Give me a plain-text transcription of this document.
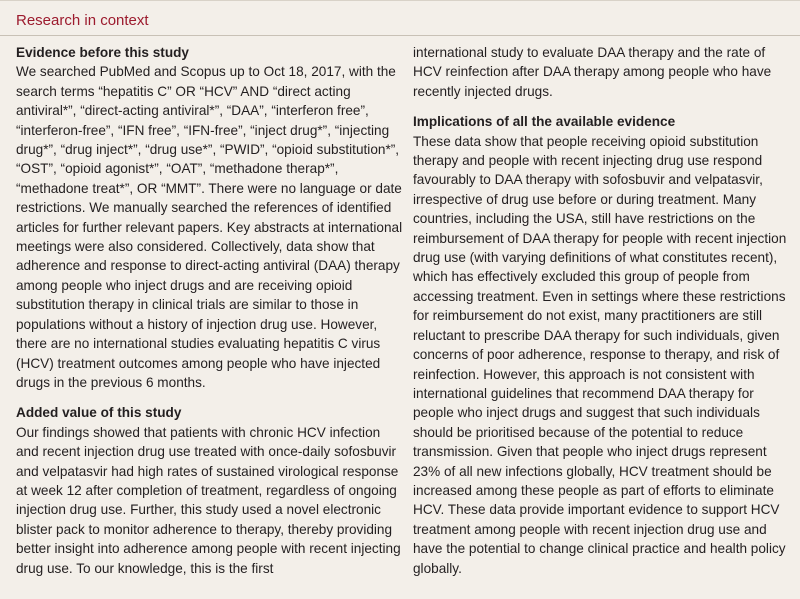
Research in context
Evidence before this study

We searched PubMed and Scopus up to Oct 18, 2017, with the search terms “hepatitis C” OR “HCV” AND “direct acting antiviral*”, “direct-acting antiviral*”, “DAA”, “interferon free”, “interferon-free”, “IFN free”, “IFN-free”, “inject drug*”, “injecting drug*”, “drug inject*”, “drug use*”, “PWID”, “opioid substitution*”, “OST”, “opioid agonist*”, “OAT”, “methadone therap*”, “methadone treat*”, OR “MMT”. There were no language or date restrictions. We manually searched the references of identified articles for further relevant papers. Key abstracts at international meetings were also considered. Collectively, data show that adherence and response to direct-acting antiviral (DAA) therapy among people who inject drugs and are receiving opioid substitution therapy in clinical trials are similar to those in populations without a history of injection drug use. However, there are no international studies evaluating hepatitis C virus (HCV) treatment outcomes among people who have injected drugs in the previous 6 months.

Added value of this study

Our findings showed that patients with chronic HCV infection and recent injection drug use treated with once-daily sofosbuvir and velpatasvir had high rates of sustained virological response at week 12 after completion of treatment, regardless of ongoing injection drug use. Further, this study used a novel electronic blister pack to monitor adherence to therapy, thereby providing better insight into adherence among people with recent injecting drug use. To our knowledge, this is the first

international study to evaluate DAA therapy and the rate of HCV reinfection after DAA therapy among people who have recently injected drugs.

Implications of all the available evidence

These data show that people receiving opioid substitution therapy and people with recent injecting drug use respond favourably to DAA therapy with sofosbuvir and velpatasvir, irrespective of drug use before or during treatment. Many countries, including the USA, still have restrictions on the reimbursement of DAA therapy for people with recent injection drug use (with varying definitions of what constitutes recent), which has effectively excluded this group of people from accessing treatment. Even in settings where these restrictions for reimbursement do not exist, many practitioners are still reluctant to prescribe DAA therapy for such individuals, given concerns of poor adherence, response to therapy, and risk of reinfection. However, this approach is not consistent with international guidelines that recommend DAA therapy for people who inject drugs and suggest that such individuals should be prioritised because of the potential to reduce transmission. Given that people who inject drugs represent 23% of all new infections globally, HCV treatment should be increased among these people as part of efforts to eliminate HCV. These data provide important evidence to support HCV treatment among people with recent injection drug use and have the potential to change clinical practice and health policy globally.
